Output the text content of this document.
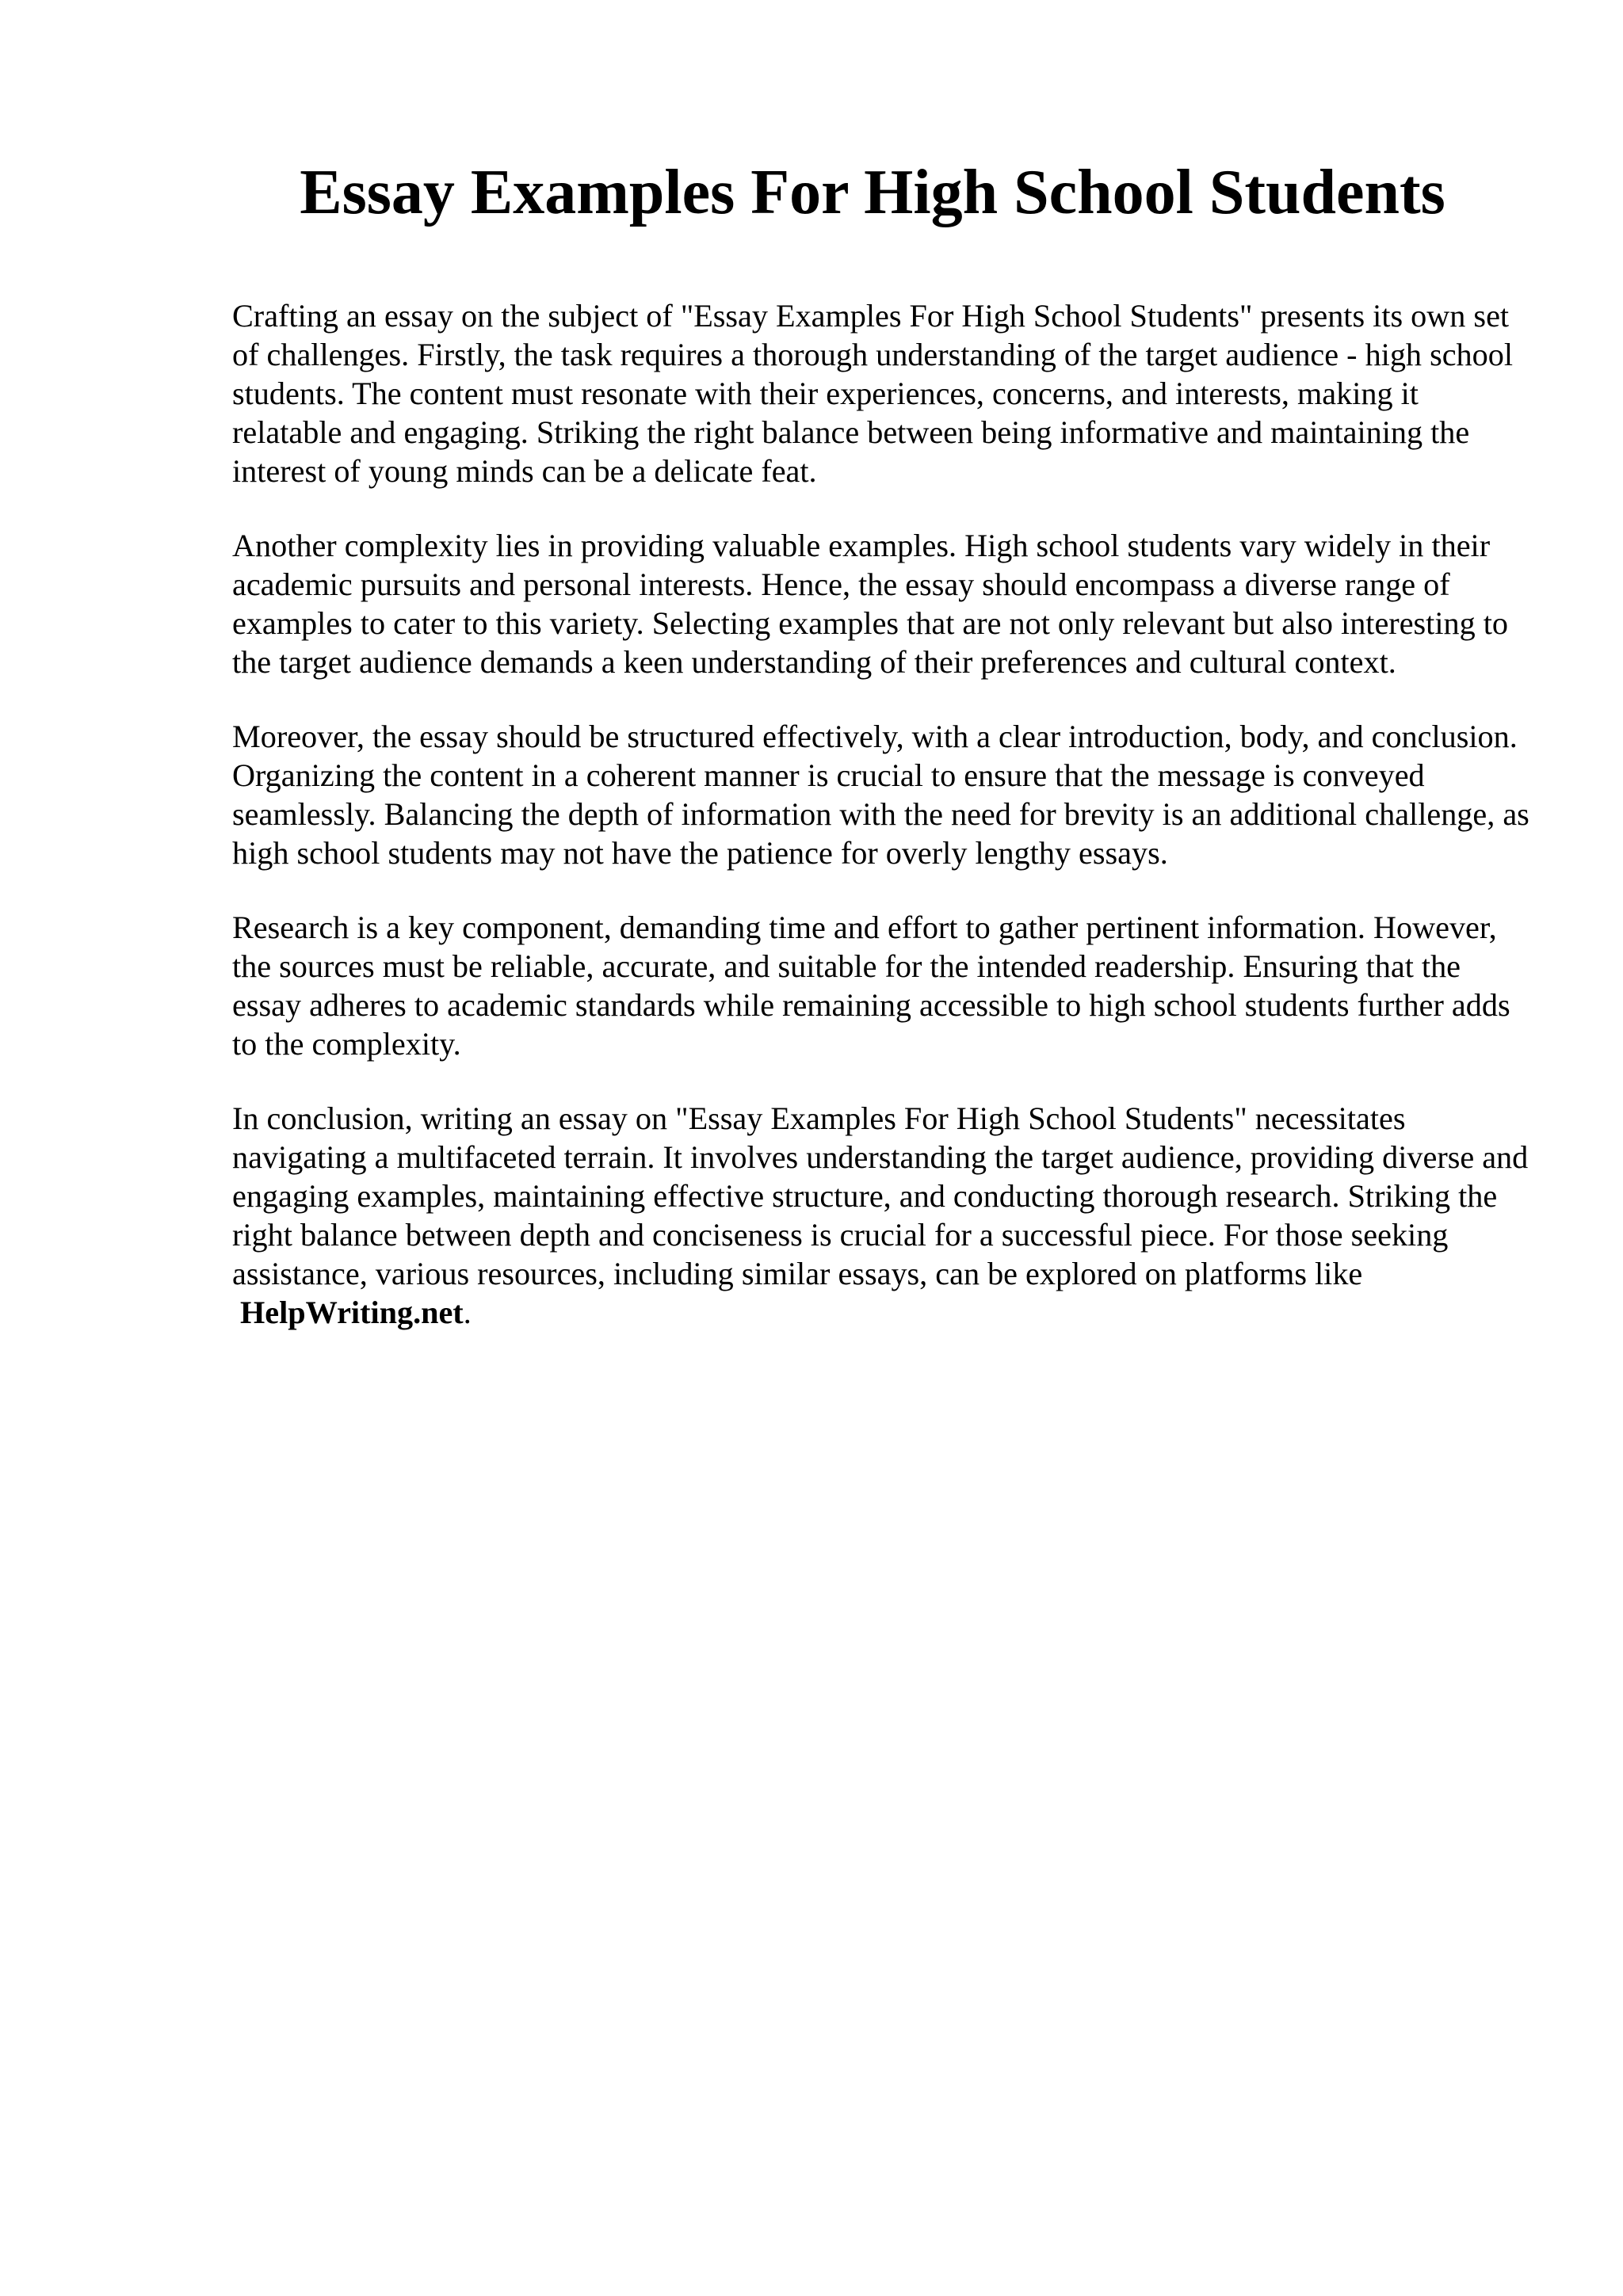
Essay Examples For High School Students

Crafting an essay on the subject of "Essay Examples For High School Students" presents its own set of challenges. Firstly, the task requires a thorough understanding of the target audience - high school students. The content must resonate with their experiences, concerns, and interests, making it relatable and engaging. Striking the right balance between being informative and maintaining the interest of young minds can be a delicate feat.

Another complexity lies in providing valuable examples. High school students vary widely in their academic pursuits and personal interests. Hence, the essay should encompass a diverse range of examples to cater to this variety. Selecting examples that are not only relevant but also interesting to the target audience demands a keen understanding of their preferences and cultural context.

Moreover, the essay should be structured effectively, with a clear introduction, body, and conclusion. Organizing the content in a coherent manner is crucial to ensure that the message is conveyed seamlessly. Balancing the depth of information with the need for brevity is an additional challenge, as high school students may not have the patience for overly lengthy essays.

Research is a key component, demanding time and effort to gather pertinent information. However, the sources must be reliable, accurate, and suitable for the intended readership. Ensuring that the essay adheres to academic standards while remaining accessible to high school students further adds to the complexity.

In conclusion, writing an essay on "Essay Examples For High School Students" necessitates navigating a multifaceted terrain. It involves understanding the target audience, providing diverse and engaging examples, maintaining effective structure, and conducting thorough research. Striking the right balance between depth and conciseness is crucial for a successful piece. For those seeking assistance, various resources, including similar essays, can be explored on platforms like HelpWriting.net.
